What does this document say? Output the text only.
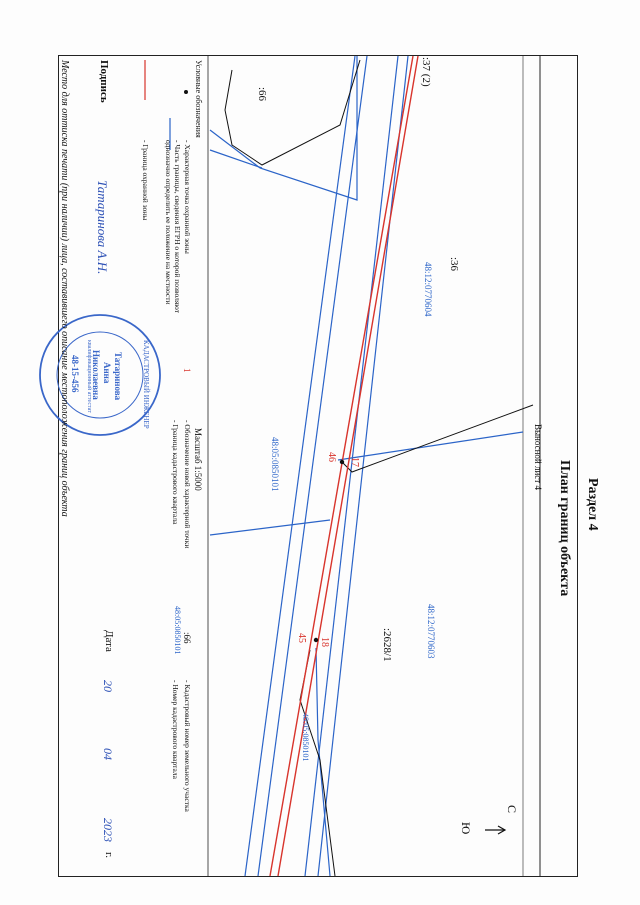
Раздел 4
План границ объекта
Выносной лист 4
:37 (2)
:66
:36
:2628/1
48:12:0770604
48:12:0770603
48:05:0850101
48:05:0850101
17
46
18
45
С
Ю
Масштаб 1:5000
Условные обозначения
- Характерная точка охранной зоны
- Часть границы, сведения ЕГРН о которой позволяют однозначно определить ее положение на местности
- Граница охранной зоны
- Обозначение новой характерной точки
- Граница кадастрового квартала
- Кадастровый номер земельного участка
- Номер кадастрового квартала
1
:66
48:05:0850101
Подпись
Татаринова А.Н.
Дата
20
04
2023
г.
КАДАСТРОВЫЙ ИНЖЕНЕР
Татаринова
Анна
Николаевна
квалификационный аттестат
48-15-456
Место для оттиска печати (при наличии) лица, составившего описание местоположения границ объекта
